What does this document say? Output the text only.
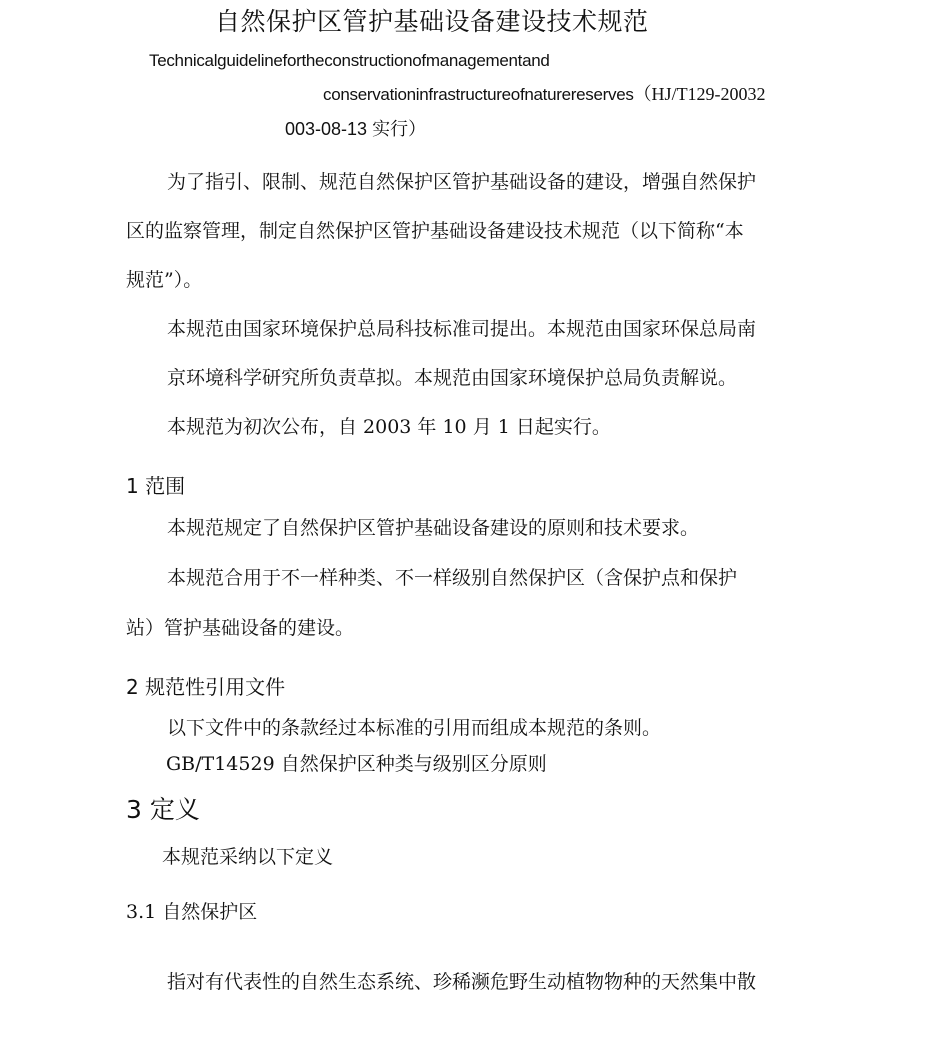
自然保护区管护基础设备建设技术规范
Technicalguidelinefortheconstructionofmanagementand
conservationinfrastructureofnaturereserves（HJ/T129-20032
003-08-13 实行）
为了指引、限制、规范自然保护区管护基础设备的建设，增强自然保护
区的监察管理，制定自然保护区管护基础设备建设技术规范（以下简称“本
规范”）。
本规范由国家环境保护总局科技标准司提出。本规范由国家环保总局南
京环境科学研究所负责草拟。本规范由国家环境保护总局负责解说。
本规范为初次公布，自 2003 年 10 月 1 日起实行。
1 范围
本规范规定了自然保护区管护基础设备建设的原则和技术要求。
本规范合用于不一样种类、不一样级别自然保护区（含保护点和保护
站）管护基础设备的建设。
2 规范性引用文件
以下文件中的条款经过本标准的引用而组成本规范的条则。
GB/T14529 自然保护区种类与级别区分原则
3 定义
本规范采纳以下定义
3.1 自然保护区
指对有代表性的自然生态系统、珍稀濒危野生动植物物种的天然集中散
